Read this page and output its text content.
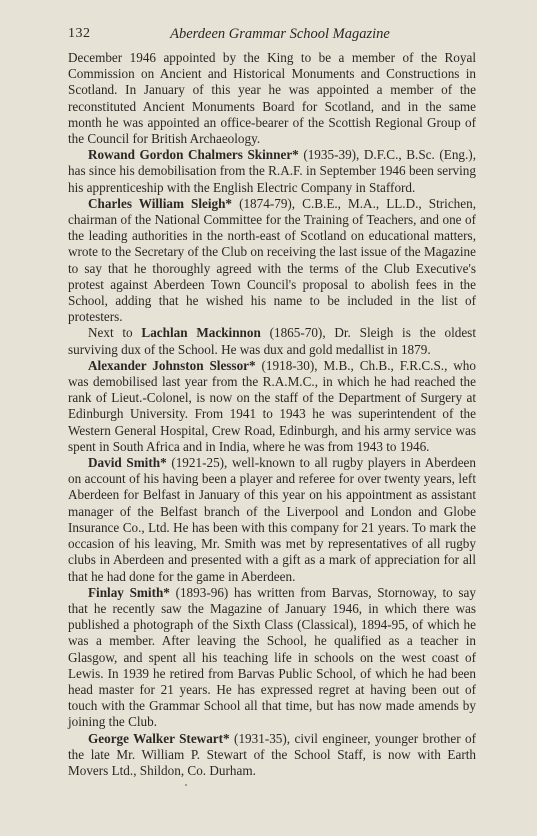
132	Aberdeen Grammar School Magazine

December 1946 appointed by the King to be a member of the Royal Commission on Ancient and Historical Monuments and Constructions in Scotland. In January of this year he was appointed a member of the reconstituted Ancient Monuments Board for Scotland, and in the same month he was appointed an office-bearer of the Scottish Regional Group of the Council for British Archaeology.

Rowand Gordon Chalmers Skinner* (1935-39), D.F.C., B.Sc. (Eng.), has since his demobilisation from the R.A.F. in September 1946 been serving his apprenticeship with the English Electric Company in Stafford.

Charles William Sleigh* (1874-79), C.B.E., M.A., LL.D., Strichen, chairman of the National Committee for the Training of Teachers, and one of the leading authorities in the north-east of Scotland on educational matters, wrote to the Secretary of the Club on receiving the last issue of the Magazine to say that he thoroughly agreed with the terms of the Club Executive's protest against Aberdeen Town Council's proposal to abolish fees in the School, adding that he wished his name to be included in the list of protesters.

Next to Lachlan Mackinnon (1865-70), Dr. Sleigh is the oldest surviving dux of the School. He was dux and gold medallist in 1879.

Alexander Johnston Slessor* (1918-30), M.B., Ch.B., F.R.C.S., who was demobilised last year from the R.A.M.C., in which he had reached the rank of Lieut.-Colonel, is now on the staff of the Department of Surgery at Edinburgh University. From 1941 to 1943 he was superintendent of the Western General Hospital, Crew Road, Edinburgh, and his army service was spent in South Africa and in India, where he was from 1943 to 1946.

David Smith* (1921-25), well-known to all rugby players in Aberdeen on account of his having been a player and referee for over twenty years, left Aberdeen for Belfast in January of this year on his appointment as assistant manager of the Belfast branch of the Liverpool and London and Globe Insurance Co., Ltd. He has been with this company for 21 years. To mark the occasion of his leaving, Mr. Smith was met by representatives of all rugby clubs in Aberdeen and presented with a gift as a mark of appreciation for all that he had done for the game in Aberdeen.

Finlay Smith* (1893-96) has written from Barvas, Stornoway, to say that he recently saw the Magazine of January 1946, in which there was published a photograph of the Sixth Class (Classical), 1894-95, of which he was a member. After leaving the School, he qualified as a teacher in Glasgow, and spent all his teaching life in schools on the west coast of Lewis. In 1939 he retired from Barvas Public School, of which he had been head master for 21 years. He has expressed regret at having been out of touch with the Grammar School all that time, but has now made amends by joining the Club.

George Walker Stewart* (1931-35), civil engineer, younger brother of the late Mr. William P. Stewart of the School Staff, is now with Earth Movers Ltd., Shildon, Co. Durham.
